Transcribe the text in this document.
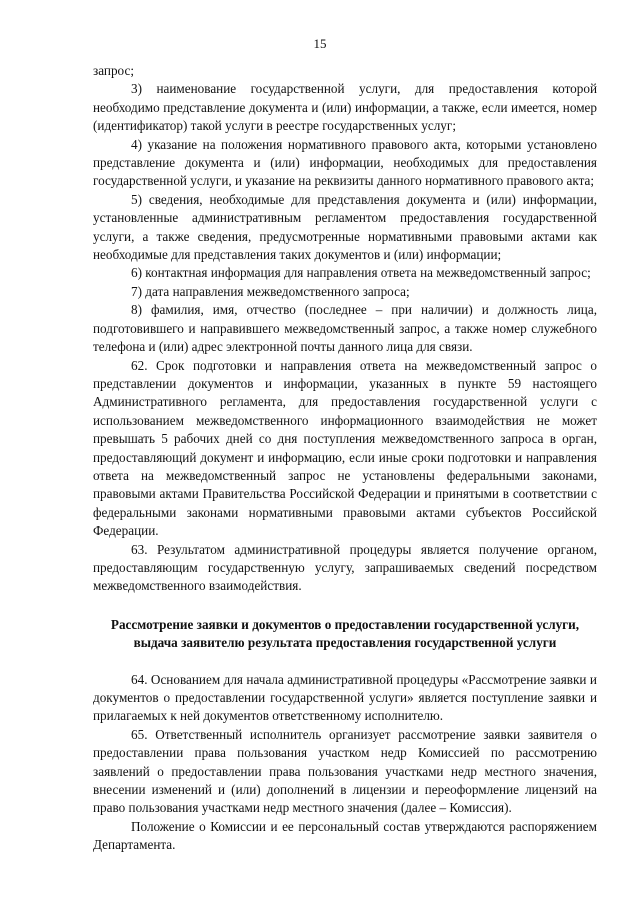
15

запрос;

3) наименование государственной услуги, для предоставления которой необходимо представление документа и (или) информации, а также, если имеется, номер (идентификатор) такой услуги в реестре государственных услуг;

4) указание на положения нормативного правового акта, которыми установлено представление документа и (или) информации, необходимых для предоставления государственной услуги, и указание на реквизиты данного нормативного правового акта;

5) сведения, необходимые для представления документа и (или) информации, установленные административным регламентом предоставления государственной услуги, а также сведения, предусмотренные нормативными правовыми актами как необходимые для представления таких документов и (или) информации;

6) контактная информация для направления ответа на межведомственный запрос;

7) дата направления межведомственного запроса;

8) фамилия, имя, отчество (последнее – при наличии) и должность лица, подготовившего и направившего межведомственный запрос, а также номер служебного телефона и (или) адрес электронной почты данного лица для связи.

62. Срок подготовки и направления ответа на межведомственный запрос о представлении документов и информации, указанных в пункте 59 настоящего Административного регламента, для предоставления государственной услуги с использованием межведомственного информационного взаимодействия не может превышать 5 рабочих дней со дня поступления межведомственного запроса в орган, предоставляющий документ и информацию, если иные сроки подготовки и направления ответа на межведомственный запрос не установлены федеральными законами, правовыми актами Правительства Российской Федерации и принятыми в соответствии с федеральными законами нормативными правовыми актами субъектов Российской Федерации.

63. Результатом административной процедуры является получение органом, предоставляющим государственную услугу, запрашиваемых сведений посредством межведомственного взаимодействия.

Рассмотрение заявки и документов о предоставлении государственной услуги, выдача заявителю результата предоставления государственной услуги

64. Основанием для начала административной процедуры «Рассмотрение заявки и документов о предоставлении государственной услуги» является поступление заявки и прилагаемых к ней документов ответственному исполнителю.

65. Ответственный исполнитель организует рассмотрение заявки заявителя о предоставлении права пользования участком недр Комиссией по рассмотрению заявлений о предоставлении права пользования участками недр местного значения, внесении изменений и (или) дополнений в лицензии и переоформление лицензий на право пользования участками недр местного значения (далее – Комиссия).

Положение о Комиссии и ее персональный состав утверждаются распоряжением Департамента.
